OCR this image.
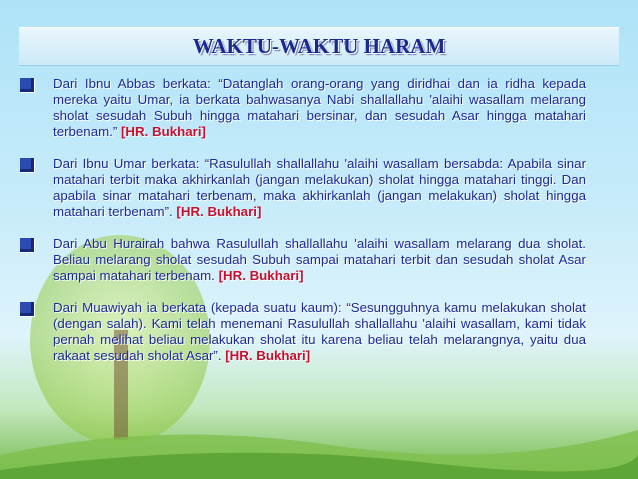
WAKTU-WAKTU HARAM
Dari Ibnu Abbas berkata: “Datanglah orang-orang yang diridhai dan ia ridha kepada mereka yaitu Umar, ia berkata bahwasanya Nabi shallallahu 'alaihi wasallam melarang sholat sesudah Subuh hingga matahari bersinar, dan sesudah Asar hingga matahari terbenam.” [HR. Bukhari]
Dari Ibnu Umar berkata: “Rasulullah shallallahu 'alaihi wasallam bersabda: Apabila sinar matahari terbit maka akhirkanlah (jangan melakukan) sholat hingga matahari tinggi. Dan apabila sinar matahari terbenam, maka akhirkanlah (jangan melakukan) sholat hingga matahari terbenam”. [HR. Bukhari]
Dari Abu Hurairah bahwa Rasulullah shallallahu 'alaihi wasallam melarang dua sholat. Beliau melarang sholat sesudah Subuh sampai matahari terbit dan sesudah sholat Asar sampai matahari terbenam. [HR. Bukhari]
Dari Muawiyah ia berkata (kepada suatu kaum): “Sesungguhnya kamu melakukan sholat (dengan salah). Kami telah menemani Rasulullah shallallahu 'alaihi wasallam, kami tidak pernah melihat beliau melakukan sholat itu karena beliau telah melarangnya, yaitu dua rakaat sesudah sholat Asar”. [HR. Bukhari]
